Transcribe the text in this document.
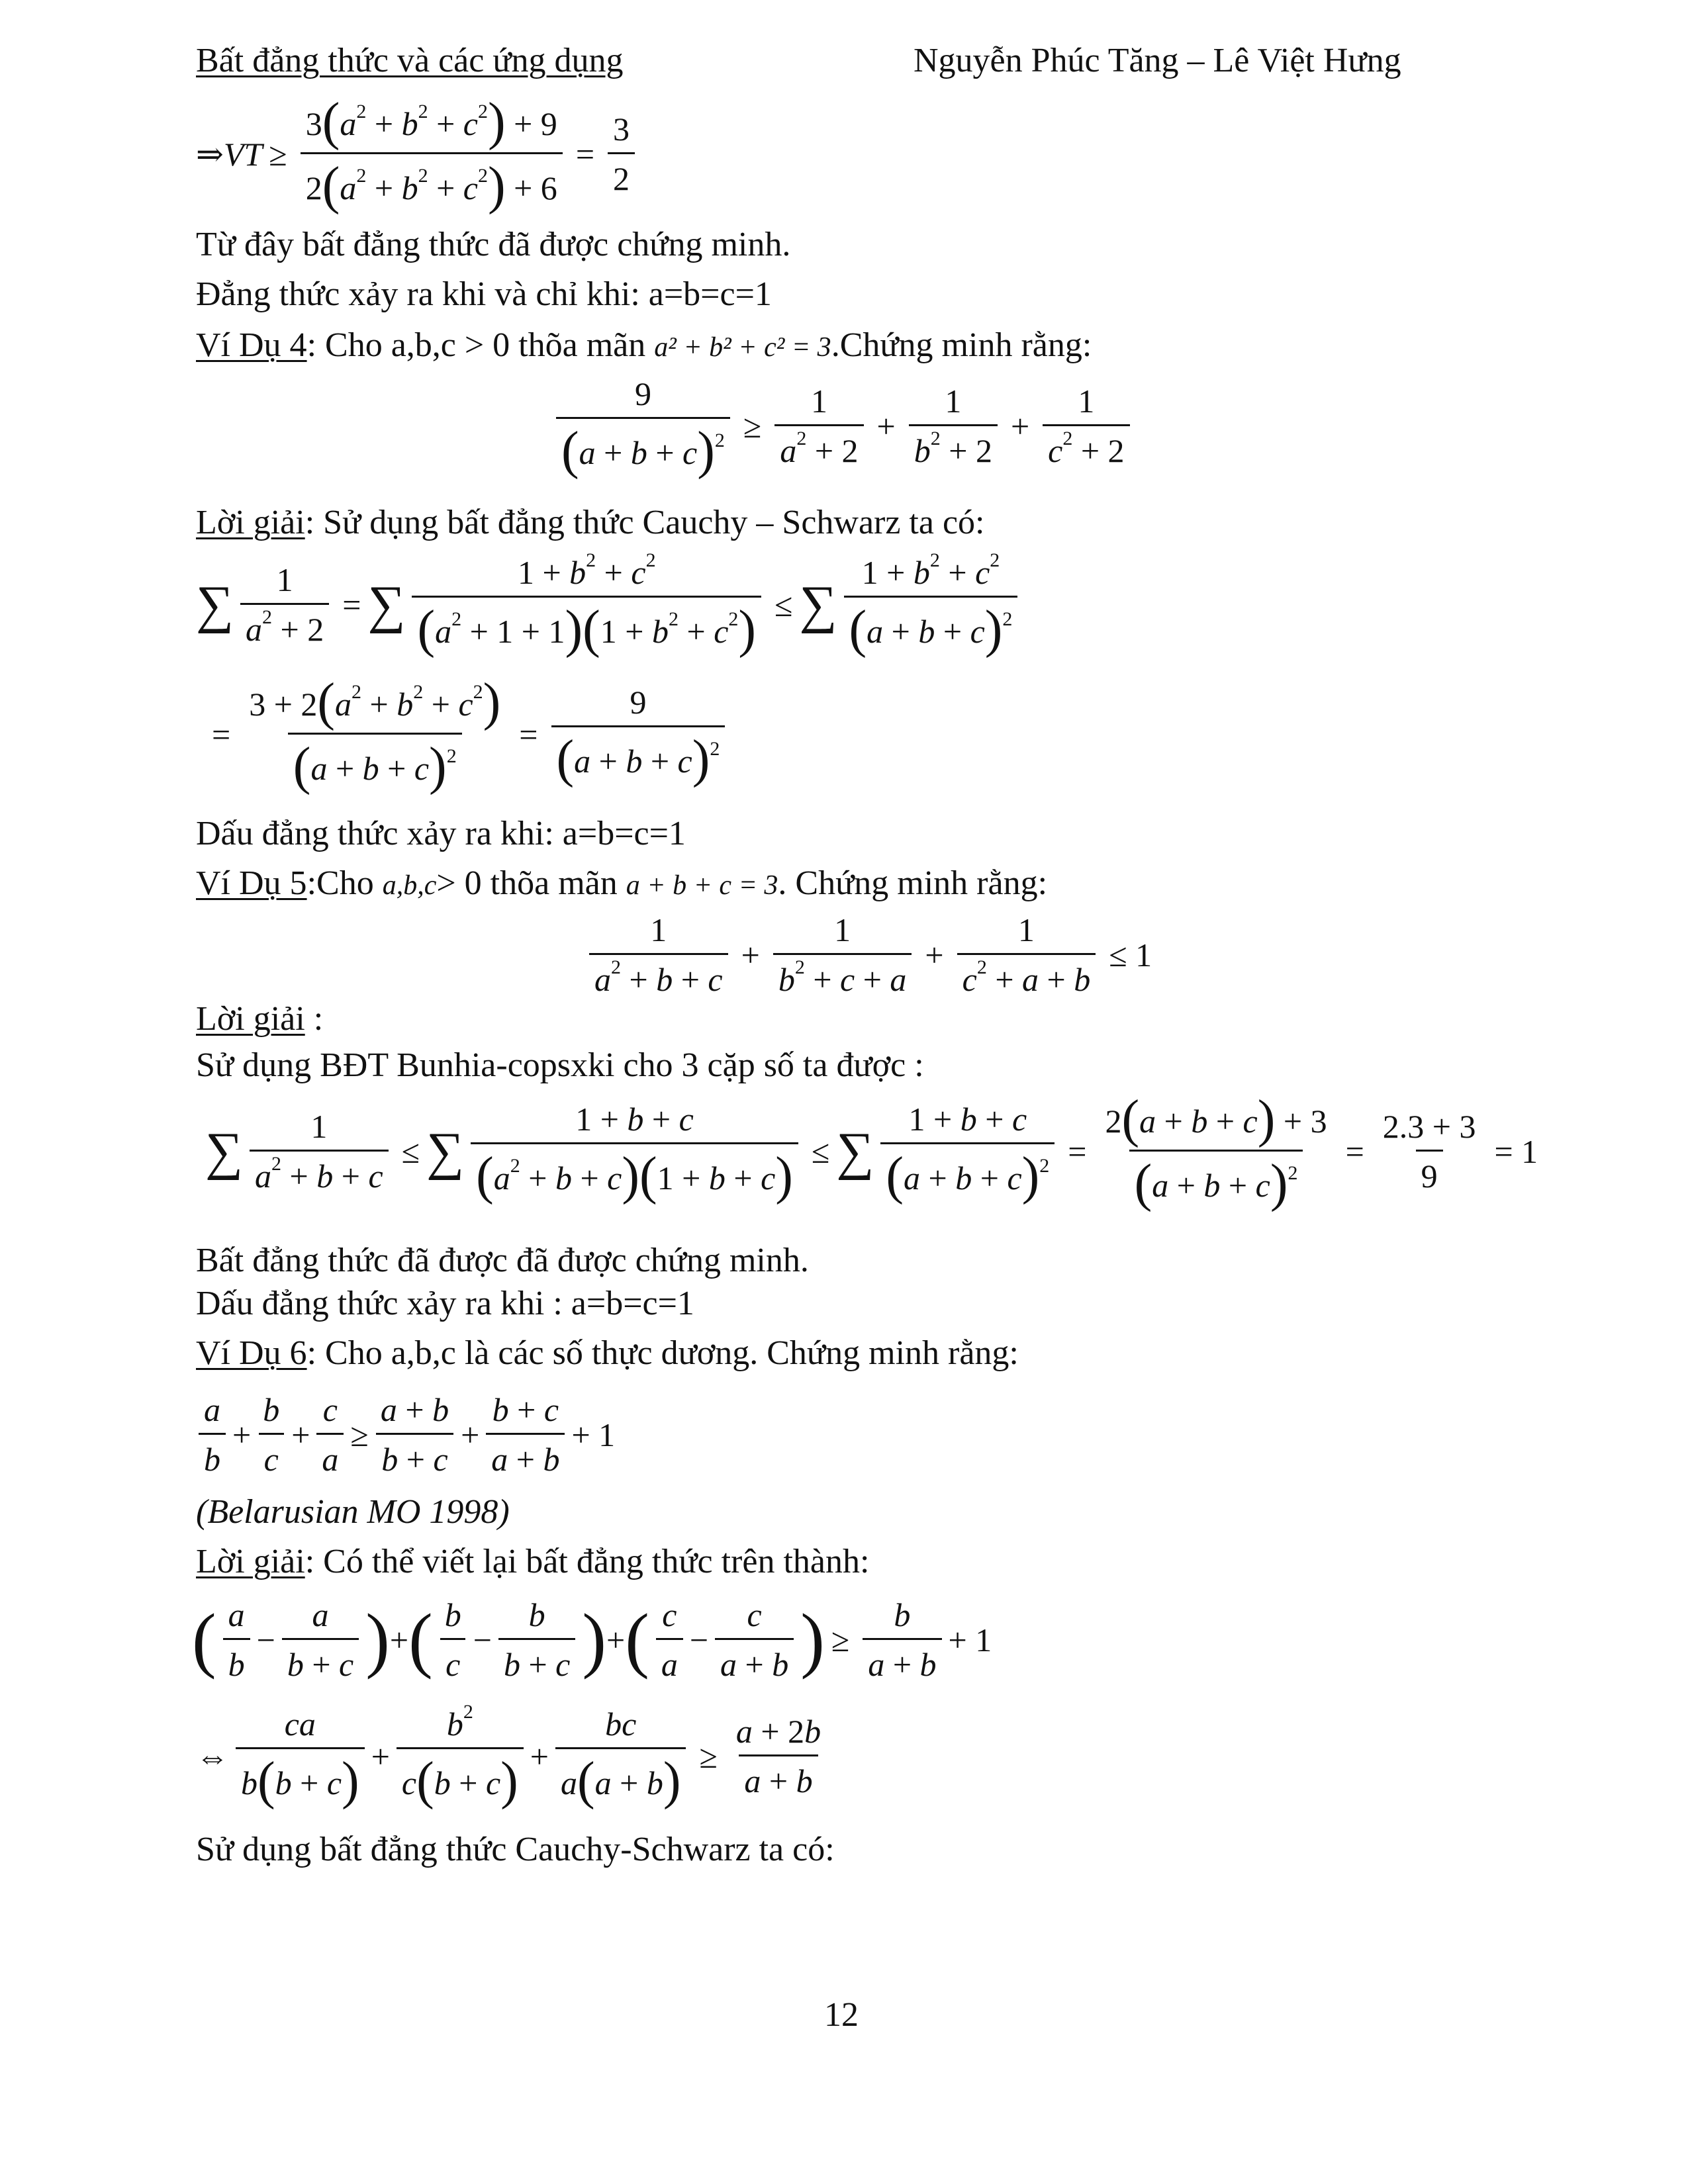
Bất đẳng thức và các ứng dụng	Nguyễn Phúc Tăng – Lê Việt Hưng
⇒VT ≥ $\frac{3(a^2 + b^2 + c^2) + 9}{2(a^2 + b^2 + c^2) + 6} = \frac{3}{2}$
Từ đây bất đẳng thức đã được chứng minh.
Đẳng thức xảy ra khi và chỉ khi: a=b=c=1
Ví Dụ 4: Cho a,b,c > 0 thõa mãn a² + b² + c² = 3.Chứng minh rằng:
$\frac{9}{(a + b + c)^2} \ge \frac{1}{a^2 + 2} + \frac{1}{b^2 + 2} + \frac{1}{c^2 + 2}$
Lời giải: Sử dụng bất đẳng thức Cauchy – Schwarz ta có:
∑ $\frac{1}{a^2 + 2}$ = ∑ $\frac{1 + b^2 + c^2}{(a^2 + 1 + 1)(1 + b^2 + c^2)}$ ≤ ∑ $\frac{1 + b^2 + c^2}{(a + b + c)^2}$
= $\frac{3 + 2(a^2 + b^2 + c^2)}{(a + b + c)^2} = \frac{9}{(a + b + c)^2}$
Dấu đẳng thức xảy ra khi: a=b=c=1
Ví Dụ 5:Cho a,b,c> 0 thõa mãn a + b + c = 3. Chứng minh rằng:
$\frac{1}{a^2 + b + c} + \frac{1}{b^2 + c + a} + \frac{1}{c^2 + a + b} \le 1$
Lời giải :
Sử dụng BĐT Bunhia-copsxki cho 3 cặp số ta được :
∑ $\frac{1}{a^2 + b + c}$ ≤ ∑ $\frac{1 + b + c}{(a^2 + b + c)(1 + b + c)}$ ≤ ∑ $\frac{1 + b + c}{(a + b + c)^2} = \frac{2(a + b + c) + 3}{(a + b + c)^2} = \frac{2.3 + 3}{9} = 1$
Bất đẳng thức đã được đã được chứng minh.
Dấu đẳng thức xảy ra khi : a=b=c=1
Ví Dụ 6: Cho a,b,c là các số thực dương. Chứng minh rằng:
$\frac{a}{b} + \frac{b}{c} + \frac{c}{a} \ge \frac{a + b}{b + c} + \frac{b + c}{a + b} + 1$
(Belarusian MO 1998)
Lời giải: Có thể viết lại bất đẳng thức trên thành:
( $\frac{a}{b} - \frac{a}{b + c}$ ) + ( $\frac{b}{c} - \frac{b}{b + c}$ ) + ( $\frac{c}{a} - \frac{c}{a + b}$ ) ≥ $\frac{b}{a + b} + 1$
⇔ $\frac{ca}{b(b + c)} + \frac{b^2}{c(b + c)} + \frac{bc}{a(a + b)} \ge \frac{a + 2b}{a + b}$
Sử dụng bất đẳng thức Cauchy-Schwarz ta có:
12
